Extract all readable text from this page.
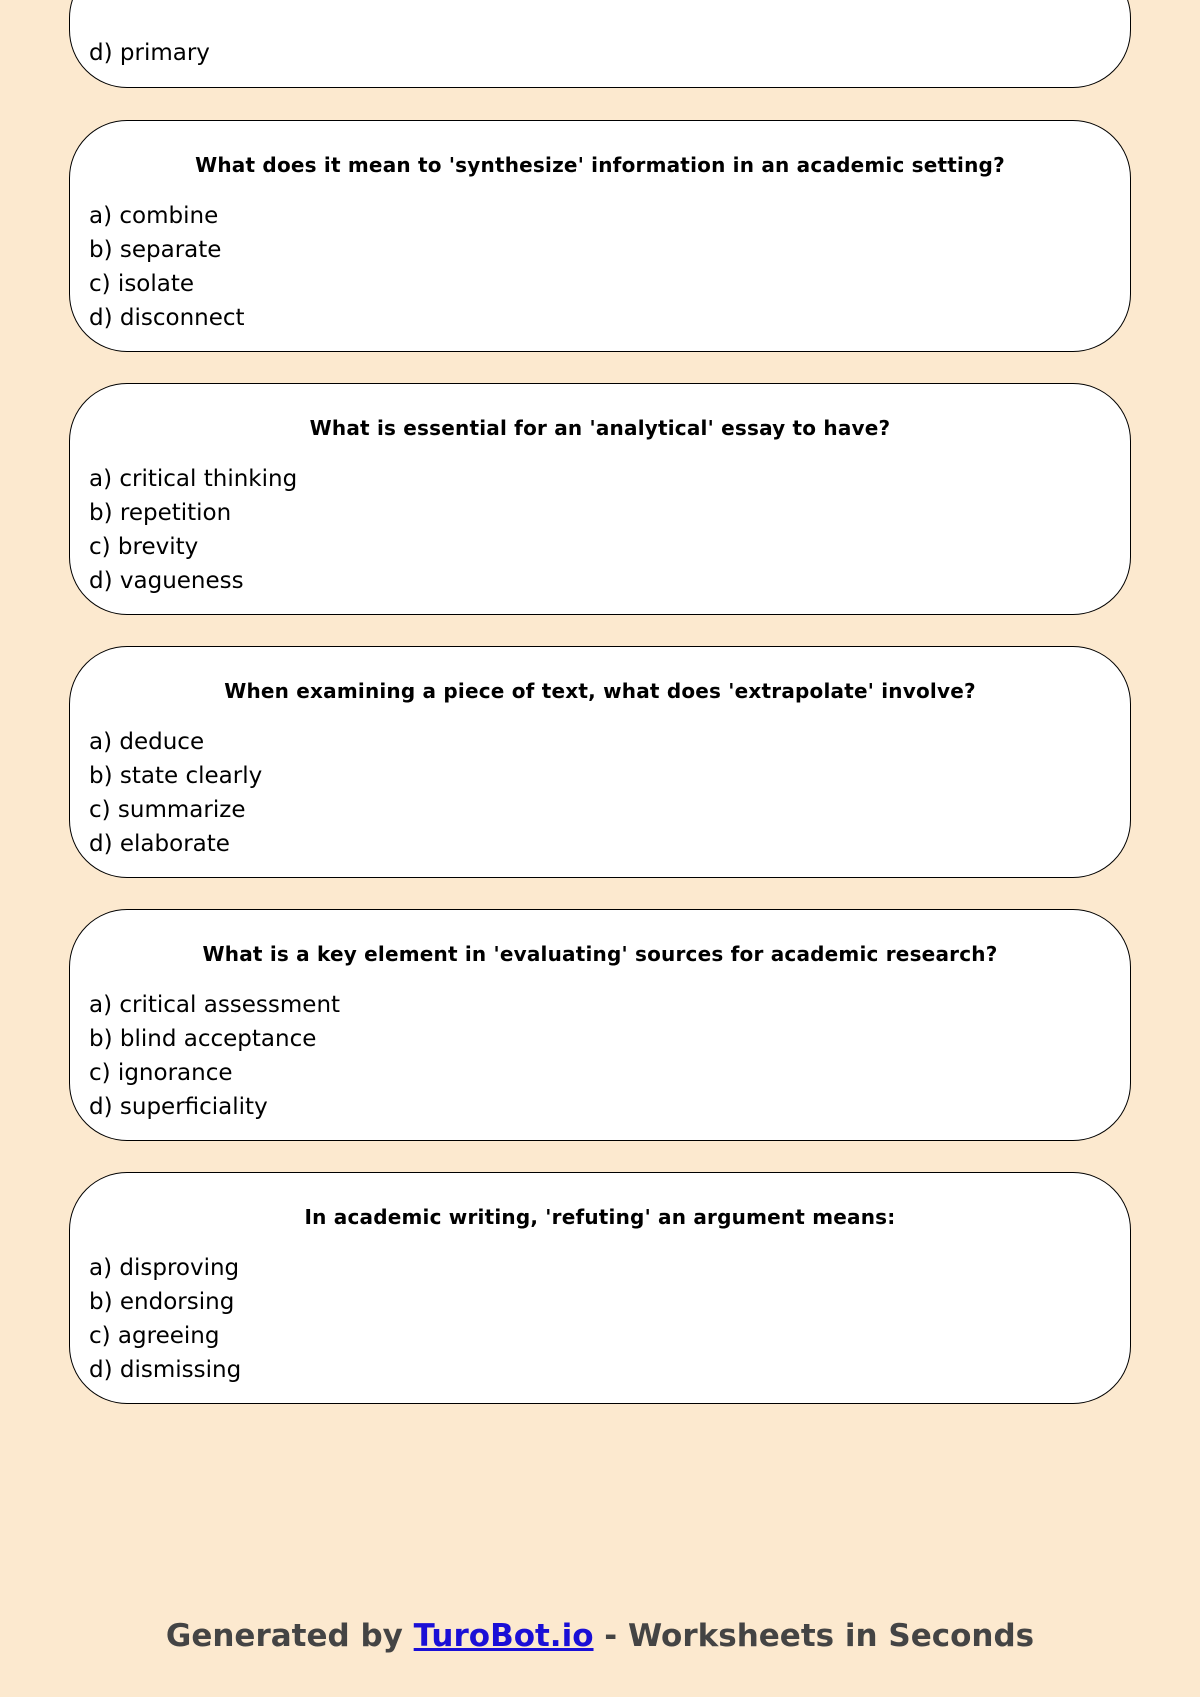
d) primary
What does it mean to 'synthesize' information in an academic setting?
a) combine
b) separate
c) isolate
d) disconnect
What is essential for an 'analytical' essay to have?
a) critical thinking
b) repetition
c) brevity
d) vagueness
When examining a piece of text, what does 'extrapolate' involve?
a) deduce
b) state clearly
c) summarize
d) elaborate
What is a key element in 'evaluating' sources for academic research?
a) critical assessment
b) blind acceptance
c) ignorance
d) superficiality
In academic writing, 'refuting' an argument means:
a) disproving
b) endorsing
c) agreeing
d) dismissing
Generated by TuroBot.io - Worksheets in Seconds
